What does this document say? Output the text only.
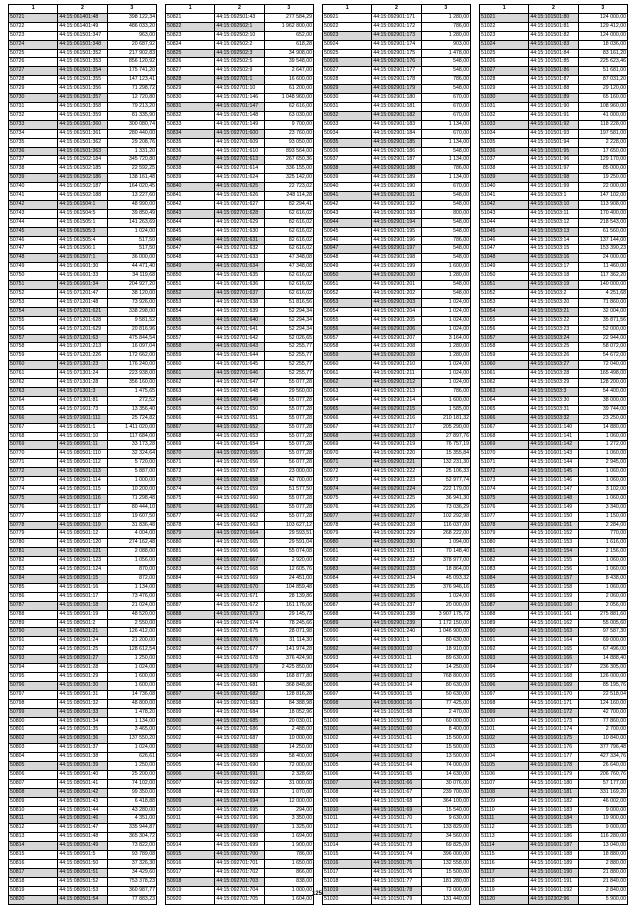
1	2	3
50721	44:15:061401:48	398 122,34
50722	44:15:061401:49	486 033,20
50723	44:15:061501:347	963,00
50724	44:15:061501:348	20 687,92
50725	44:15:061501:352	217 902,83
50726	44:15:061501:353	856 120,92
50727	44:15:061501:354	175 741,20
50728	44:15:061501:355	147 123,41
50729	44:15:061501:356	71 298,72
50730	44:15:061501:357	12 720,80
50731	44:15:061501:358	79 213,20
50732	44:15:061501:359	81 335,90
50733	44:15:061501:360	300 080,74
50734	44:15:061501:361	280 440,00
50735	44:15:061501:362	29 208,76
50736	44:15:061501:363	1 331,20
50737	44:15:061502:184	345 720,80
50738	44:15:061502:185	22 592,25
50739	44:15:061502:186	138 161,48
50740	44:15:061502:187	164 020,45
50741	44:15:061502:188	13 227,60
50742	44:15:061504:1	48 990,00
50743	44:15:061504:5	39 850,49
50744	44:15:061505:1	141 263,69
50745	44:15:061505:3	1 024,00
50746	44:15:061505:4	517,50
50747	44:15:061506:1	517,50
50748	44:15:061507:1	36 000,00
50749	44:15:061601:30	44 471,40
50750	44:15:061601:33	34 119,68
50751	44:15:061601:34	204 927,20
50752	44:15:071201:47	38 120,00
50753	44:15:071201:48	73 926,00
50754	44:15:071201:621	338 298,00
50755	44:15:071201:628	9 581,52
50756	44:15:071201:629	20 816,96
50757	44:15:071201:63	475 844,54
50758	44:15:071201:213	16 097,04
50759	44:15:071201:226	172 662,00
50760	44:15:071301:23	176 240,00
50761	44:15:071301:24	223 938,00
50762	44:15:071301:28	356 160,00
50763	44:15:071301:3	1 475,65
50764	44:15:071301:81	272,52
50765	44:15:071601:73	13 356,40
50766	44:15:071601:111	25 724,82
50767	44:15:080501:1	1 411 020,00
50768	44:15:080501:10	117 684,00
50769	44:15:080501:11	33 173,28
50770	44:15:080501:110	32 324,64
50771	44:15:080501:112	5 720,00
50772	44:15:080501:113	5 887,00
50773	44:15:080501:114	1 000,00
50774	44:15:080501:115	10 200,00
50775	44:15:080501:116	71 298,48
50776	44:15:080501:117	80 444,10
50777	44:15:080501:118	19 607,50
50778	44:15:080501:119	31 836,48
50779	44:15:080501:12	4 004,00
50780	44:15:080501:120	274 162,48
50781	44:15:080501:121	2 088,00
50782	44:15:080501:123	1 056,00
50783	44:15:080501:124	870,00
50784	44:15:080501:15	872,00
50785	44:15:080501:16	1 134,00
50786	44:15:080501:17	73 476,00
50787	44:15:080501:18	21 024,00
50788	44:15:080501:19	48 520,00
50789	44:15:080501:2	2 550,00
50790	44:15:080501:21	126 412,00
50791	44:15:080501:24	21 200,00
50792	44:15:080501:25	128 612,54
50793	44:15:080501:27	1 250,00
50794	44:15:080501:28	1 024,00
50795	44:15:080501:29	1 600,00
50796	44:15:080501:30	1 600,00
50797	44:15:080501:31	14 736,08
50798	44:15:080501:32	48 800,00
50799	44:15:080501:33	1 478,20
50800	44:15:080501:34	1 134,00
50801	44:15:080501:35	3 465,00
50802	44:15:080501:36	137 550,20
50803	44:15:080501:37	1 024,00
50804	44:15:080501:38	626,61
50805	44:15:080501:39	1 250,00
50806	44:15:080501:40	25 200,00
50807	44:15:080501:41	74 102,00
50808	44:15:080501:42	99 350,00
50809	44:15:080501:43	6 418,88
50810	44:15:080501:44	43 280,00
50811	44:15:080501:46	4 351,00
50812	44:15:080501:47	335 944,87
50813	44:15:080501:48	365 304,72
50814	44:15:080501:49	73 822,00
50815	44:15:080501:5	93 789,08
50816	44:15:080501:50	37 326,30
50817	44:15:080501:51	34 429,60
50818	44:15:080501:52	753 378,23
50819	44:15:080501:53	360 987,77
50820	44:15:080501:54	77 883,23
1	2	3
50821	44:15:092501:43	277 584,29
50822	44:15:092502:1	1 962 800,00
50823	44:15:092502:10	652,00
50824	44:15:092502:2	618,28
50825	44:15:092502:3	34 908,00
50826	44:15:092502:5	39 548,00
50827	44:15:092502:9	2 647,00
50828	44:15:092701:1	16 600,00
50829	44:15:092701:10	61 200,00
50830	44:15:092701:146	1 048 960,00
50831	44:15:092701:147	62 616,00
50832	44:15:092701:148	63 030,00
50833	44:15:092701:149	9 700,00
50834	44:15:092701:600	23 760,00
50835	44:15:092701:609	93 050,00
50836	44:15:092701:610	893 564,00
50837	44:15:092701:613	267 650,36
50838	44:15:092701:614	336 155,00
50839	44:15:092701:624	325 142,00
50840	44:15:092701:625	22 723,02
50841	44:15:092701:626	248 114,28
50842	44:15:092701:627	82 294,41
50843	44:15:092701:628	62 616,02
50844	44:15:092701:629	82 616,02
50845	44:15:092701:630	62 616,02
50846	44:15:092701:631	82 616,02
50847	44:15:092701:632	62 616,02
50848	44:15:092701:633	47 348,08
50849	44:15:092701:634	47 348,08
50850	44:15:092701:635	62 616,02
50851	44:15:092701:636	62 616,02
50852	44:15:092701:637	62 616,02
50853	44:15:092701:638	51 816,56
50854	44:15:092701:639	52 294,34
50855	44:15:092701:640	52 294,34
50856	44:15:092701:641	52 294,34
50857	44:15:092701:642	52 026,65
50858	44:15:092701:643	52 255,77
50859	44:15:092701:644	52 255,77
50860	44:15:092701:645	52 255,77
50861	44:15:092701:646	52 255,77
50862	44:15:092701:647	55 077,28
50863	44:15:092701:648	29 560,00
50864	44:15:092701:649	55 077,28
50865	44:15:092701:650	55 077,28
50866	44:15:092701:651	55 077,28
50867	44:15:092701:652	55 077,28
50868	44:15:092701:653	55 077,28
50869	44:15:092701:654	55 077,28
50870	44:15:092701:655	55 077,28
50871	44:15:092701:656	56 077,28
50872	44:15:092701:657	23 000,00
50873	44:15:092701:658	42 700,00
50874	44:15:092701:659	51 577,50
50875	44:15:092701:660	55 077,28
50876	44:15:092701:661	55 077,28
50877	44:15:092701:662	55 077,28
50878	44:15:092701:663	103 627,12
50879	44:15:092701:664	29 593,51
50880	44:15:092701:665	29 591,04
50881	44:15:092701:666	55 074,08
50882	44:15:092701:667	2 920,00
50883	44:15:092701:668	12 605,76
50884	44:15:092701:669	24 451,00
50885	44:15:092701:670	104 859,48
50886	44:15:092701:671	28 139,86
50887	44:15:092701:672	161 176,06
50888	44:15:092701:673	29 145,73
50889	44:15:092701:674	78 245,66
50890	44:15:092701:675	28 071,98
50891	44:15:092701:676	31 114,30
50892	44:15:092701:677	141 974,28
50893	44:15:092701:678	376 424,90
50894	44:15:092701:679	2 425 850,00
50895	44:15:092701:680	168 877,80
50896	44:15:092701:681	368 848,86
50897	44:15:092701:682	128 816,28
50898	44:15:092701:683	84 388,98
50899	44:15:092701:684	18 052,96
50900	44:15:092701:685	20 030,01
50901	44:15:092701:686	2 488,00
50902	44:15:092701:687	10 000,00
50903	44:15:092701:688	14 250,00
50904	44:15:092701:689	58 400,00
50905	44:15:092701:690	72 000,00
50906	44:15:092701:691	2 328,60
50907	44:15:092701:692	31 000,00
50908	44:15:092701:693	1 070,00
50909	44:15:092701:694	12 000,00
50910	44:15:092701:695	294,00
50911	44:15:092701:696	3 350,00
50912	44:15:092701:697	1 325,00
50913	44:15:092701:698	1 694,00
50914	44:15:092701:699	1 900,00
50915	44:15:092701:700	786,00
50916	44:15:092701:701	1 650,00
50917	44:15:092701:702	866,00
50918	44:15:092701:703	838,00
50919	44:15:092701:704	1 000,00
50920	44:15:092701:705	1 604,00
1	2	3
50921	44:15:092901:171	1 280,00
50922	44:15:092901:172	786,00
50923	44:15:092901:173	1 280,00
50924	44:15:092901:174	903,00
50925	44:15:092901:175	1 478,00
50926	44:15:092901:176	548,00
50927	44:15:092901:177	548,00
50928	44:15:092901:178	786,00
50929	44:15:092901:179	548,00
50930	44:15:092901:180	670,00
50931	44:15:092901:181	670,00
50932	44:15:092901:182	670,00
50933	44:15:092901:183	1 134,00
50934	44:15:092901:184	670,00
50935	44:15:092901:185	1 134,00
50936	44:15:092901:186	548,00
50937	44:15:092901:187	1 134,00
50938	44:15:092901:188	786,00
50939	44:15:092901:189	1 134,00
50940	44:15:092901:190	670,00
50941	44:15:092901:191	548,00
50942	44:15:092901:192	548,00
50943	44:15:092901:193	800,00
50944	44:15:092901:194	548,00
50945	44:15:092901:195	548,00
50946	44:15:092901:196	786,00
50947	44:15:092901:197	548,00
50948	44:15:092901:198	548,00
50949	44:15:092901:199	1 600,00
50950	44:15:092901:200	1 280,00
50951	44:15:092901:201	548,00
50952	44:15:092901:202	548,00
50953	44:15:092901:203	1 024,00
50954	44:15:092901:204	1 024,00
50955	44:15:092901:205	1 024,00
50956	44:15:092901:206	1 024,00
50957	44:15:092901:207	3 164,00
50958	44:15:092901:208	1 280,00
50959	44:15:092901:209	1 280,00
50960	44:15:092901:210	1 024,00
50961	44:15:092901:211	1 024,00
50962	44:15:092901:212	1 024,00
50963	44:15:092901:213	786,00
50964	44:15:092901:214	1 600,00
50965	44:15:092901:215	1 585,00
50966	44:15:092901:216	210 181,32
50967	44:15:092901:217	205 290,00
50968	44:15:092901:218	27 897,76
50969	44:15:092901:219	76 757,19
50970	44:15:092901:220	15 355,84
50971	44:15:092901:221	132 231,30
50972	44:15:092901:222	25 106,33
50973	44:15:092901:223	52 977,74
50974	44:15:092901:224	222 179,00
50975	44:15:092901:225	36 941,30
50976	44:15:092901:226	73 036,29
50977	44:15:092901:227	102 292,98
50978	44:15:092901:228	116 037,00
50979	44:15:092901:229	268 222,00
50980	44:15:092901:230	1 094,00
50981	44:15:092901:231	70 148,40
50982	44:15:092901:232	378 977,00
50983	44:15:092901:233	18 864,00
50984	44:15:092901:234	45 093,32
50985	44:15:092901:235	376 946,16
50986	44:15:092901:236	1 024,00
50987	44:15:092901:237	20 000,00
50988	44:15:092901:238	3 907 175,72
50989	44:15:092901:239	1 172 150,00
50990	44:15:092901:240	1 046 900,00
50991	44:15:093001:1	80 630,00
50992	44:15:093001:10	18 910,00
50993	44:15:093001:11	89 630,00
50994	44:15:093001:12	14 250,00
50995	44:15:093001:13	768 800,00
50996	44:15:093001:14	80 630,00
50997	44:15:093001:15	50 630,00
50998	44:15:093001:16	77 425,00
50999	44:15:101501:58	2 470,00
51000	44:15:101501:59	60 000,00
51001	44:15:101501:60	8 400,00
51002	44:15:101501:61	15 500,00
51003	44:15:101501:62	15 500,00
51004	44:15:101501:63	13 500,00
51005	44:15:101501:64	74 000,00
51006	44:15:101501:65	14 630,00
51007	44:15:101501:66	30 076,00
51008	44:15:101501:67	239 700,00
51009	44:15:101501:68	364 100,00
51010	44:15:101501:69	15 540,00
51011	44:15:101501:70	9 630,00
51012	44:15:101501:71	133 829,00
51013	44:15:101501:72	34 560,00
51014	44:15:101501:73	69 825,00
51015	44:15:101501:74	396 000,00
51016	44:15:101501:75	132 558,00
51017	44:15:101501:76	15 500,00
51018	44:15:101501:77	181 280,00
51019	44:15:101501:78	72 000,00
51020	44:15:101501:79	131 440,00
1	2	3
51021	44:15:101501:80	124 000,00
51022	44:15:101501:81	129 412,00
51023	44:15:101501:82	124 000,00
51024	44:15:101501:83	18 036,00
51025	44:15:101501:84	83 161,20
51026	44:15:101501:85	225 623,46
51027	44:15:101501:86	51 681,00
51028	44:15:101501:87	87 031,20
51029	44:15:101501:88	29 120,00
51030	44:15:101501:89	65 160,00
51031	44:15:101501:90	108 960,00
51032	44:15:101501:91	41 000,00
51033	44:15:101501:92	118 228,00
51034	44:15:101501:93	197 581,00
51035	44:15:101501:94	2 228,00
51036	44:15:101501:95	17 650,00
51037	44:15:101501:96	129 170,00
51038	44:15:101501:97	85 000,00
51039	44:15:101501:98	19 250,00
51040	44:15:101501:99	22 000,00
51041	44:15:101503:1	147 102,00
51042	44:15:101503:10	113 908,00
51043	44:15:101503:11	170 400,00
51044	44:15:101503:12	218 543,00
51045	44:15:101503:13	61 560,00
51046	44:15:101503:14	137 144,00
51047	44:15:101503:15	153 390,23
51048	44:15:101503:16	24 000,00
51049	44:15:101503:17	11 460,00
51050	44:15:101503:18	117 362,20
51051	44:15:101503:19	140 000,00
51052	44:15:101503:2	4 251,68
51053	44:15:101503:20	71 860,00
51054	44:15:101503:21	32 004,00
51055	44:15:101503:22	35 871,56
51056	44:15:101503:23	52 000,00
51057	44:15:101503:24	22 944,00
51058	44:15:101503:25	58 072,00
51059	44:15:101503:26	54 672,00
51060	44:15:101503:27	72 040,00
51061	44:15:101503:28	165 498,00
51062	44:15:101503:29	128 200,00
51063	44:15:101503:3	54 400,00
51064	44:15:101503:30	38 000,00
51065	44:15:101503:31	39 744,00
51066	44:15:101503:32	23 250,00
51067	44:15:101601:140	14 880,00
51068	44:15:101601:141	1 060,00
51069	44:15:101601:142	1 272,00
51070	44:15:101601:143	1 060,00
51071	44:15:101601:144	2 945,00
51072	44:15:101601:145	1 060,00
51073	44:15:101601:146	1 060,00
51074	44:15:101601:147	3 102,00
51075	44:15:101601:148	1 060,00
51076	44:15:101601:149	3 340,00
51077	44:15:101601:150	1 150,00
51078	44:15:101601:151	2 284,00
51079	44:15:101601:152	770,00
51080	44:15:101601:153	1 616,00
51081	44:15:101601:154	2 156,00
51082	44:15:101601:155	1 060,00
51083	44:15:101601:156	1 060,00
51084	44:15:101601:157	8 438,00
51085	44:15:101601:158	1 060,00
51086	44:15:101601:159	2 060,00
51087	44:15:101601:160	2 056,00
51088	44:15:101601:161	275 881,60
51089	44:15:101601:162	55 005,60
51090	44:15:101601:163	97 587,30
51091	44:15:101601:164	69 000,00
51092	44:15:101601:165	67 496,00
51093	44:15:101601:166	14 888,40
51094	44:15:101601:167	236 305,00
51095	44:15:101601:168	126 000,00
51096	44:15:101601:169	85 195,76
51097	44:15:101601:170	22 518,04
51098	44:15:101601:171	124 160,00
51099	44:15:101601:172	42 700,00
51100	44:15:101601:173	77 860,00
51101	44:15:101601:174	2 700,00
51102	44:15:101601:175	10 840,00
51103	44:15:101601:176	377 796,48
51104	44:15:101601:177	427 334,76
51105	44:15:101601:178	26 640,00
51106	44:15:101601:179	206 760,76
51107	44:15:101601:180	57 177,00
51108	44:15:101601:181	331 169,20
51109	44:15:101601:182	46 002,00
51110	44:15:101601:183	9 000,00
51111	44:15:101601:184	19 900,00
51112	44:15:101601:185	9 000,00
51113	44:15:101601:186	116 280,00
51114	44:15:101601:187	13 040,00
51115	44:15:101601:188	18 880,00
51116	44:15:101601:189	2 880,00
51117	44:15:101601:190	21 880,00
51118	44:15:101601:191	21 840,00
51119	44:15:101601:192	2 840,00
51120	44:15:102302:96	5 900,00
125
